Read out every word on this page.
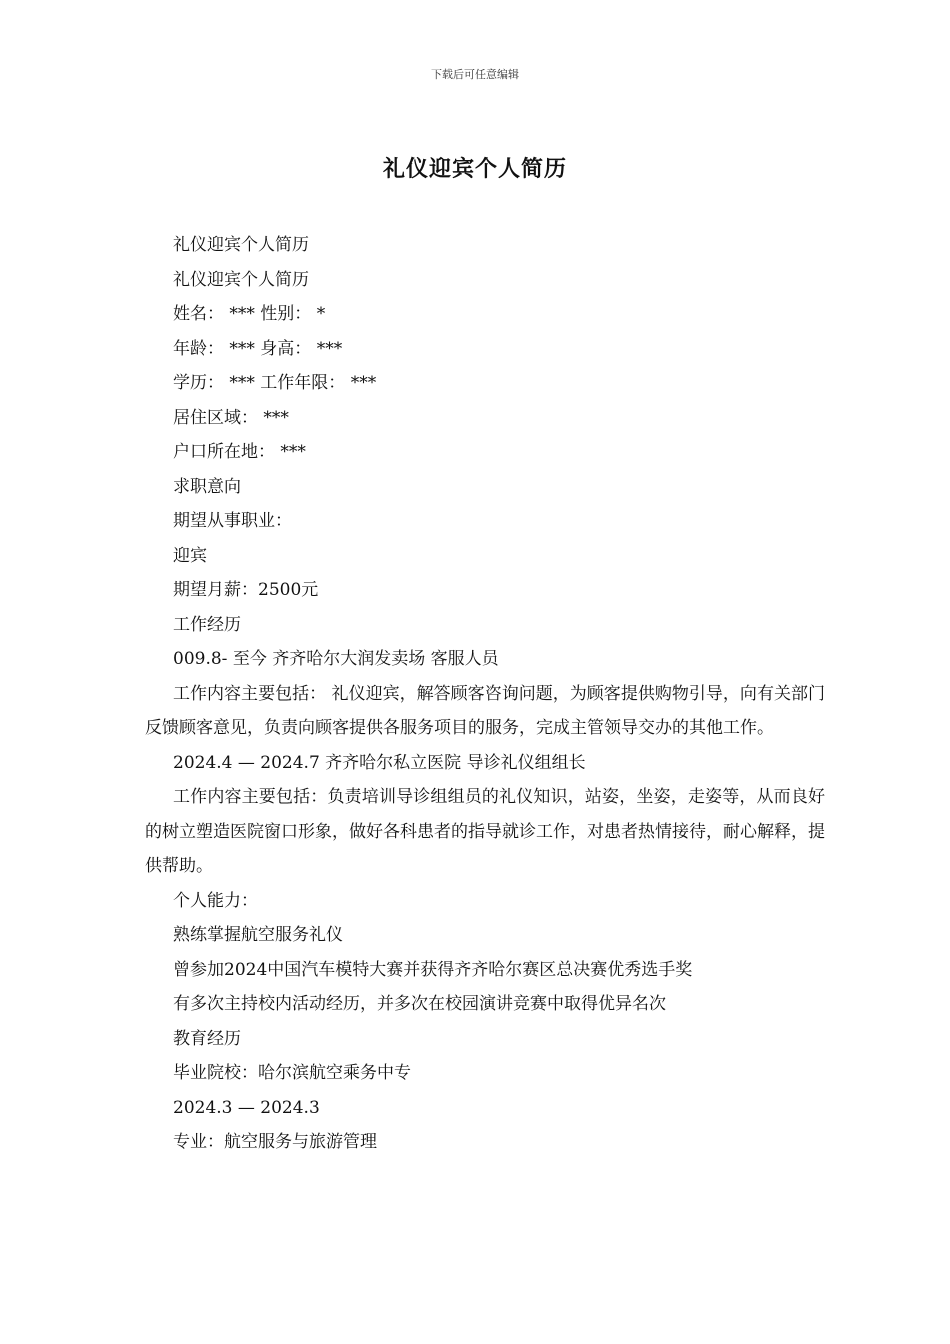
下载后可任意编辑
礼仪迎宾个人简历
礼仪迎宾个人简历
礼仪迎宾个人简历
姓名： *** 性别： *
年龄： *** 身高： ***
学历： *** 工作年限： ***
居住区域： ***
户口所在地： ***
求职意向
期望从事职业：
迎宾
期望月薪：2500元
工作经历
009.8- 至今 齐齐哈尔大润发卖场 客服人员

工作内容主要包括： 礼仪迎宾，解答顾客咨询问题，为顾客提供购物引导，向有关部门反馈顾客意见，负责向顾客提供各服务项目的服务，完成主管领导交办的其他工作。

2024.4 — 2024.7 齐齐哈尔私立医院 导诊礼仪组组长

工作内容主要包括：负责培训导诊组组员的礼仪知识，站姿，坐姿，走姿等，从而良好的树立塑造医院窗口形象，做好各科患者的指导就诊工作，对患者热情接待，耐心解释，提供帮助。

个人能力：
熟练掌握航空服务礼仪
曾参加2024中国汽车模特大赛并获得齐齐哈尔赛区总决赛优秀选手奖
有多次主持校内活动经历，并多次在校园演讲竞赛中取得优异名次
教育经历
毕业院校：哈尔滨航空乘务中专
2024.3 — 2024.3
专业：航空服务与旅游管理
